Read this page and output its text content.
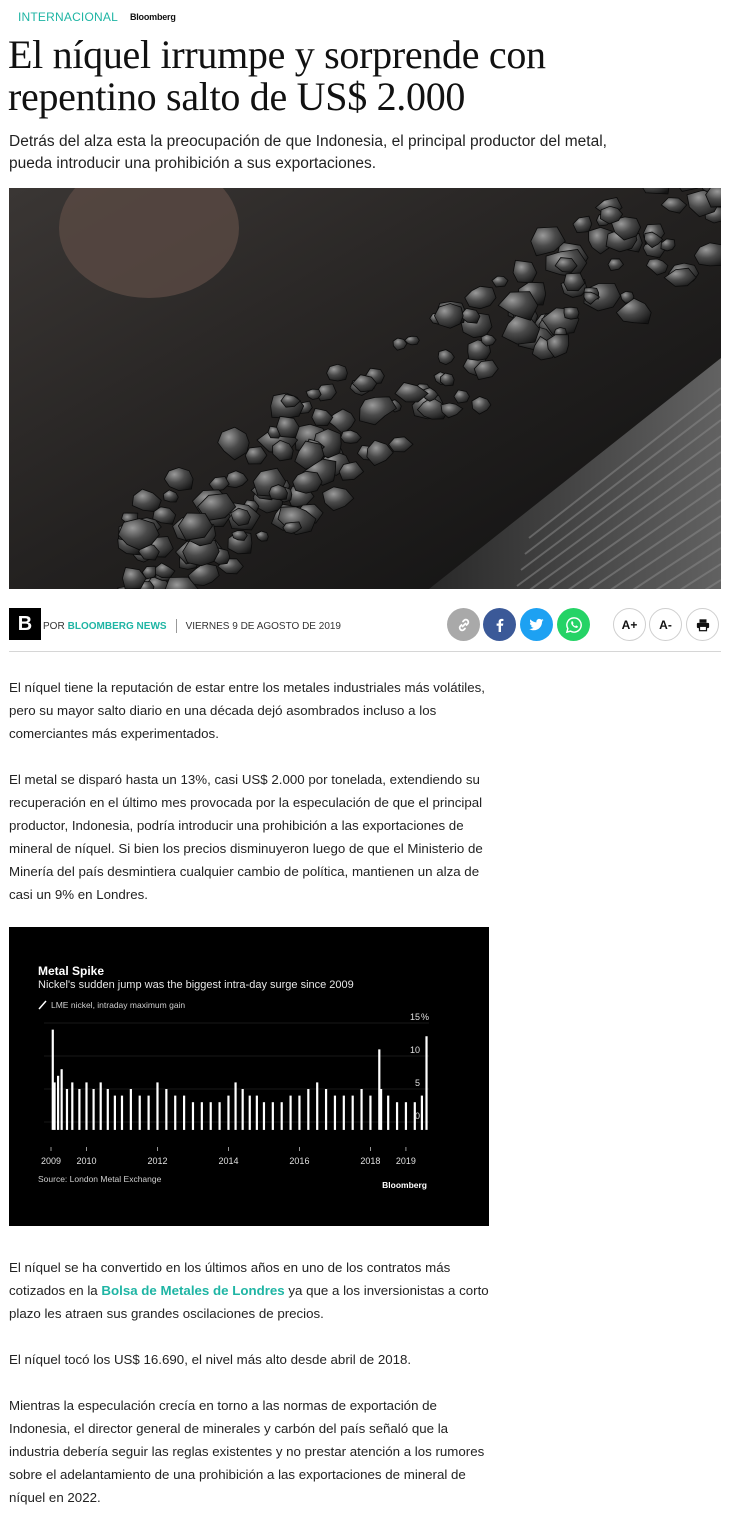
INTERNACIONAL Bloomberg
El níquel irrumpe y sorprende con repentino salto de US$ 2.000

Detrás del alza esta la preocupación de que Indonesia, el principal productor del metal, pueda introducir una prohibición a sus exportaciones.

B	POR BLOOMBERG NEWS VIERNES 9 DE AGOSTO DE 2019	A+	A-

El níquel tiene la reputación de estar entre los metales industriales más volátiles, pero su mayor salto diario en una década dejó asombrados incluso a los comerciantes más experimentados.

El metal se disparó hasta un 13%, casi US$ 2.000 por tonelada, extendiendo su recuperación en el último mes provocada por la especulación de que el principal productor, Indonesia, podría introducir una prohibición a las exportaciones de mineral de níquel. Si bien los precios disminuyeron luego de que el Ministerio de Minería del país desmintiera cualquier cambio de política, mantienen un alza de casi un 9% en Londres.

Metal Spike
Nickel's sudden jump was the biggest intra-day surge since 2009
LME nickel, intraday maximum gain
15
10
5
0
%
2009 2010	2012	2014	2016	2018 2019
Source: London Metal Exchange
Bloomberg

El níquel se ha convertido en los últimos años en uno de los contratos más cotizados en la Bolsa de Metales de Londres ya que a los inversionistas a corto plazo les atraen sus grandes oscilaciones de precios.

El níquel tocó los US$ 16.690, el nivel más alto desde abril de 2018.

Mientras la especulación crecía en torno a las normas de exportación de Indonesia, el director general de minerales y carbón del país señaló que la industria debería seguir las reglas existentes y no prestar atención a los rumores sobre el adelantamiento de una prohibición a las exportaciones de mineral de níquel en 2022.
